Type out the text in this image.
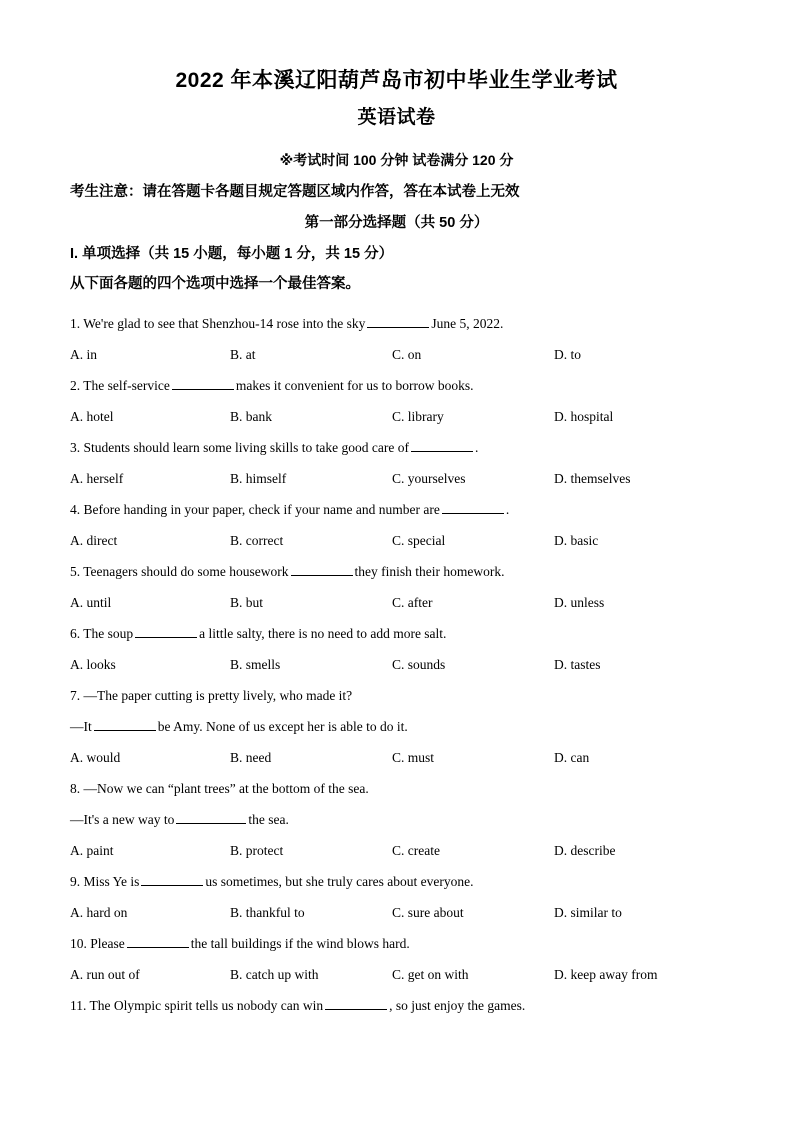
2022 年本溪辽阳葫芦岛市初中毕业生学业考试
英语试卷

※考试时间 100 分钟 试卷满分 120 分

考生注意：请在答题卡各题目规定答题区域内作答，答在本试卷上无效

第一部分选择题（共 50 分）

I. 单项选择（共 15 小题，每小题 1 分，共 15 分）

从下面各题的四个选项中选择一个最佳答案。

1. We're glad to see that Shenzhou-14 rose into the sky	June 5, 2022.
A. in	B. at	C. on	D. to
2. The self-service	makes it convenient for us to borrow books.
A. hotel	B. bank	C. library	D. hospital
3. Students should learn some living skills to take good care of	.
A. herself	B. himself	C. yourselves	D. themselves
4. Before handing in your paper, check if your name and number are	.
A. direct	B. correct	C. special	D. basic
5. Teenagers should do some housework	they finish their homework.
A. until	B. but	C. after	D. unless
6. The soup	a little salty, there is no need to add more salt.
A. looks	B. smells	C. sounds	D. tastes
7. —The paper cutting is pretty lively, who made it?
—It	be Amy. None of us except her is able to do it.
A. would	B. need	C. must	D. can
8. —Now we can “plant trees” at the bottom of the sea.
—It's a new way to	the sea.
A. paint	B. protect	C. create	D. describe
9. Miss Ye is	us sometimes, but she truly cares about everyone.
A. hard on	B. thankful to	C. sure about	D. similar to
10. Please	the tall buildings if the wind blows hard.
A. run out of	B. catch up with	C. get on with	D. keep away from
11. The Olympic spirit tells us nobody can win	, so just enjoy the games.
